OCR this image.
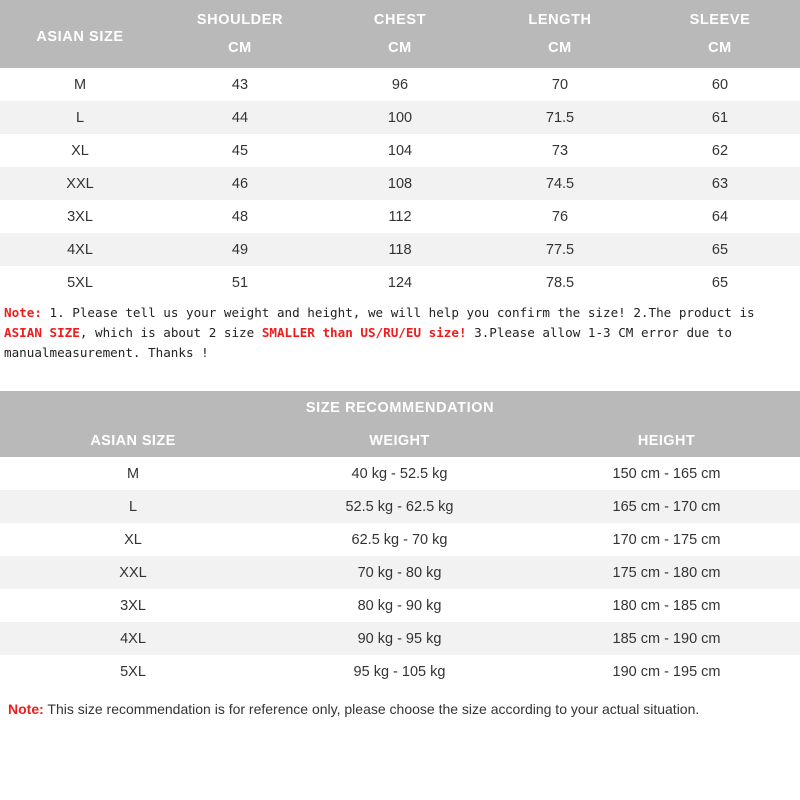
ASIAN SIZE	SHOULDER	CHEST	LENGTH	SLEEVE
	CM	CM	CM	CM
M	43	96	70	60
L	44	100	71.5	61
XL	45	104	73	62
XXL	46	108	74.5	63
3XL	48	112	76	64
4XL	49	118	77.5	65
5XL	51	124	78.5	65
Note: 1. Please tell us your weight and height, we will help you confirm the size! 2.The product is ASIAN SIZE, which is about 2 size SMALLER than US/RU/EU size! 3.Please allow 1-3 CM error due to manualmeasurement. Thanks !
SIZE RECOMMENDATION		
ASIAN SIZE	WEIGHT	HEIGHT
M	40 kg - 52.5 kg	150 cm - 165 cm
L	52.5 kg - 62.5 kg	165 cm - 170 cm
XL	62.5 kg - 70 kg	170 cm - 175 cm
XXL	70 kg - 80 kg	175 cm - 180 cm
3XL	80 kg - 90 kg	180 cm - 185 cm
4XL	90 kg - 95 kg	185 cm - 190 cm
5XL	95 kg - 105 kg	190 cm - 195 cm
Note: This size recommendation is for reference only, please choose the size according to your actual situation.
